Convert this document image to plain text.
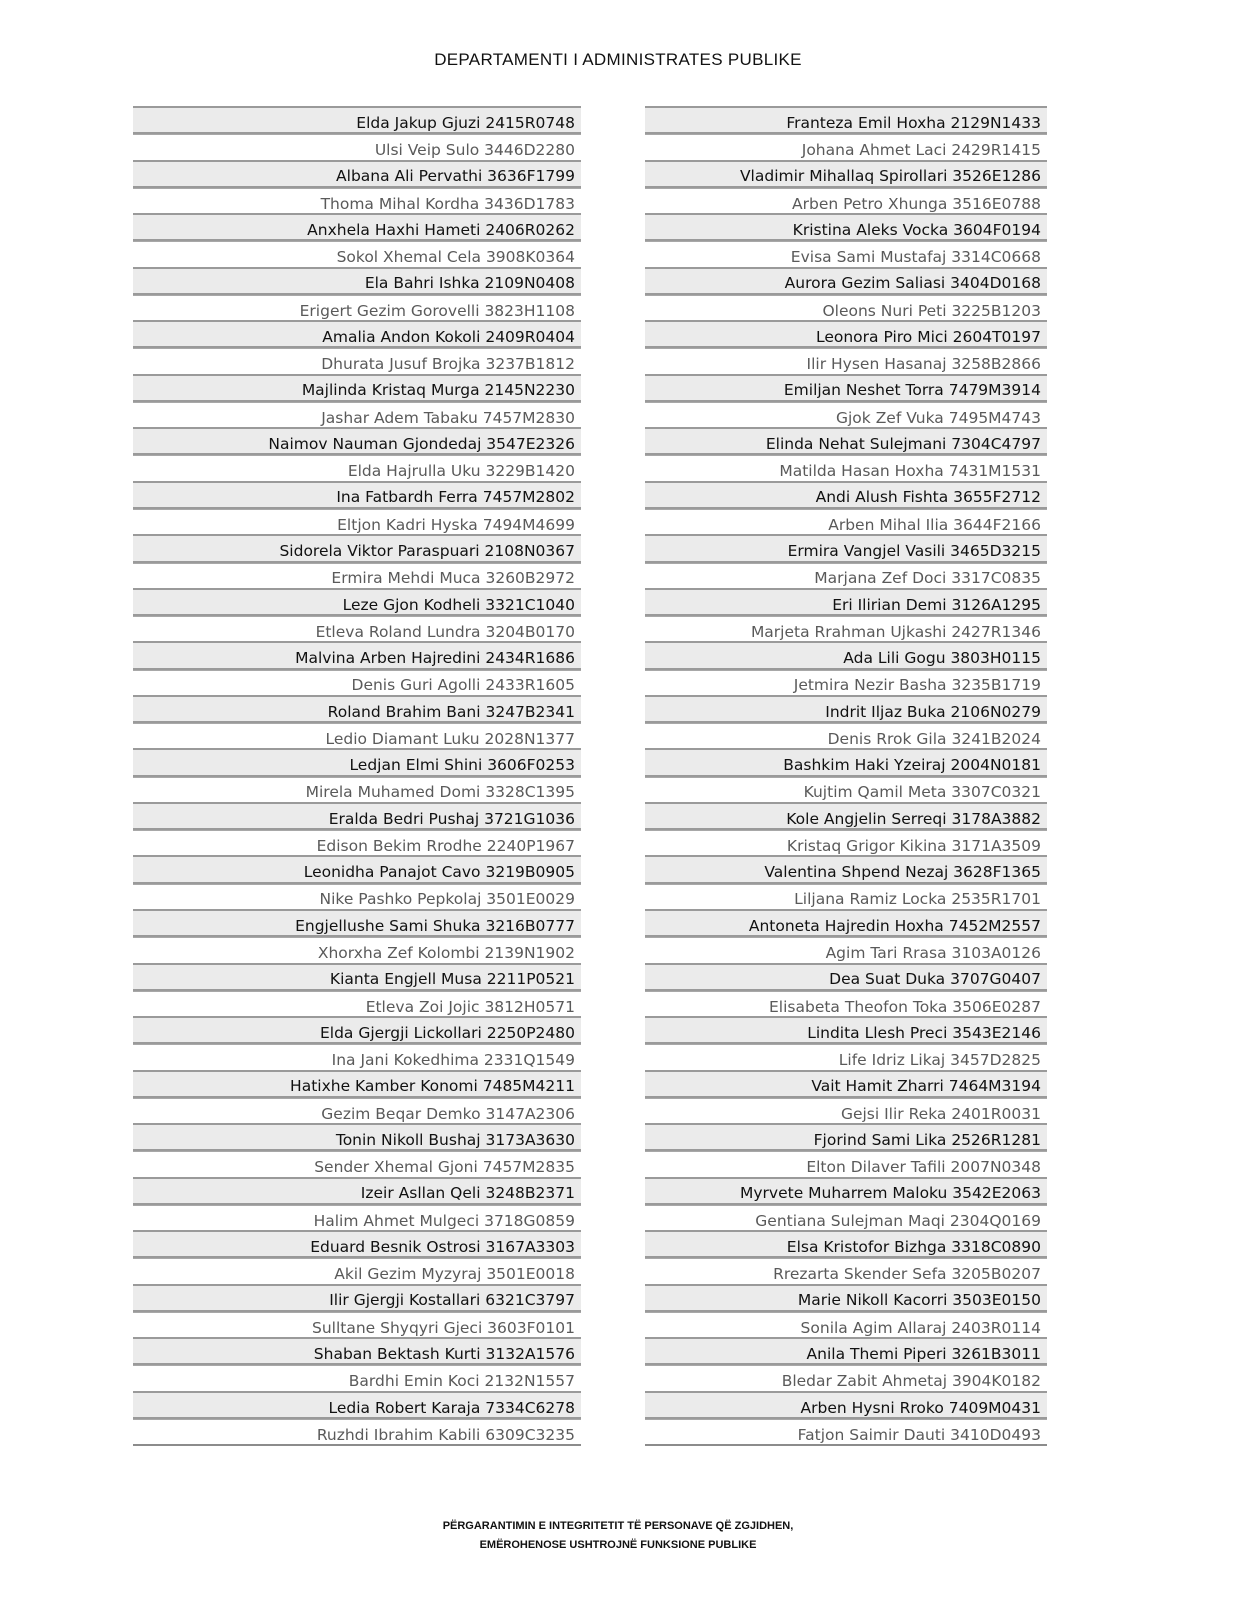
DEPARTAMENTI I ADMINISTRATES PUBLIKE
Elda Jakup Gjuzi 2415R0748
Ulsi Veip Sulo 3446D2280
Albana Ali Pervathi 3636F1799
Thoma Mihal Kordha 3436D1783
Anxhela Haxhi Hameti 2406R0262
Sokol Xhemal Cela 3908K0364
Ela Bahri Ishka 2109N0408
Erigert Gezim Gorovelli 3823H1108
Amalia Andon Kokoli 2409R0404
Dhurata Jusuf Brojka 3237B1812
Majlinda Kristaq Murga 2145N2230
Jashar Adem Tabaku 7457M2830
Naimov Nauman Gjondedaj 3547E2326
Elda Hajrulla Uku 3229B1420
Ina Fatbardh Ferra 7457M2802
Eltjon Kadri Hyska 7494M4699
Sidorela Viktor Paraspuari 2108N0367
Ermira Mehdi Muca 3260B2972
Leze Gjon Kodheli 3321C1040
Etleva Roland Lundra 3204B0170
Malvina Arben Hajredini 2434R1686
Denis Guri Agolli 2433R1605
Roland Brahim Bani 3247B2341
Ledio Diamant Luku 2028N1377
Ledjan Elmi Shini 3606F0253
Mirela Muhamed Domi 3328C1395
Eralda Bedri Pushaj 3721G1036
Edison Bekim Rrodhe 2240P1967
Leonidha Panajot Cavo 3219B0905
Nike Pashko Pepkolaj 3501E0029
Engjellushe Sami Shuka 3216B0777
Xhorxha Zef Kolombi 2139N1902
Kianta Engjell Musa 2211P0521
Etleva Zoi Jojic 3812H0571
Elda Gjergji Lickollari 2250P2480
Ina Jani Kokedhima 2331Q1549
Hatixhe Kamber Konomi 7485M4211
Gezim Beqar Demko 3147A2306
Tonin Nikoll Bushaj 3173A3630
Sender Xhemal Gjoni 7457M2835
Izeir Asllan Qeli 3248B2371
Halim Ahmet Mulgeci 3718G0859
Eduard Besnik Ostrosi 3167A3303
Akil Gezim Myzyraj 3501E0018
Ilir Gjergji Kostallari 6321C3797
Sulltane Shyqyri Gjeci 3603F0101
Shaban Bektash Kurti 3132A1576
Bardhi Emin Koci 2132N1557
Ledia Robert Karaja 7334C6278
Ruzhdi Ibrahim Kabili 6309C3235
Franteza Emil Hoxha 2129N1433
Johana Ahmet Laci 2429R1415
Vladimir Mihallaq Spirollari 3526E1286
Arben Petro Xhunga 3516E0788
Kristina Aleks Vocka 3604F0194
Evisa Sami Mustafaj 3314C0668
Aurora Gezim Saliasi 3404D0168
Oleons Nuri Peti 3225B1203
Leonora Piro Mici 2604T0197
Ilir Hysen Hasanaj 3258B2866
Emiljan Neshet Torra 7479M3914
Gjok Zef Vuka 7495M4743
Elinda Nehat Sulejmani 7304C4797
Matilda Hasan Hoxha 7431M1531
Andi Alush Fishta 3655F2712
Arben Mihal Ilia 3644F2166
Ermira Vangjel Vasili 3465D3215
Marjana Zef Doci 3317C0835
Eri Ilirian Demi 3126A1295
Marjeta Rrahman Ujkashi 2427R1346
Ada Lili Gogu 3803H0115
Jetmira Nezir Basha 3235B1719
Indrit Iljaz Buka 2106N0279
Denis Rrok Gila 3241B2024
Bashkim Haki Yzeiraj 2004N0181
Kujtim Qamil Meta 3307C0321
Kole Angjelin Serreqi 3178A3882
Kristaq Grigor Kikina 3171A3509
Valentina Shpend Nezaj 3628F1365
Liljana Ramiz Locka 2535R1701
Antoneta Hajredin Hoxha 7452M2557
Agim Tari Rrasa 3103A0126
Dea Suat Duka 3707G0407
Elisabeta Theofon Toka 3506E0287
Lindita Llesh Preci 3543E2146
Life Idriz Likaj 3457D2825
Vait Hamit Zharri 7464M3194
Gejsi Ilir Reka 2401R0031
Fjorind Sami Lika 2526R1281
Elton Dilaver Tafili 2007N0348
Myrvete Muharrem Maloku 3542E2063
Gentiana Sulejman Maqi 2304Q0169
Elsa Kristofor Bizhga 3318C0890
Rrezarta Skender Sefa 3205B0207
Marie Nikoll Kacorri 3503E0150
Sonila Agim Allaraj 2403R0114
Anila Themi Piperi 3261B3011
Bledar Zabit Ahmetaj 3904K0182
Arben Hysni Rroko 7409M0431
Fatjon Saimir Dauti 3410D0493
PËRGARANTIMIN E INTEGRITETIT TË PERSONAVE QË ZGJIDHEN,
EMËROHENOSE USHTROJNË FUNKSIONE PUBLIKE
